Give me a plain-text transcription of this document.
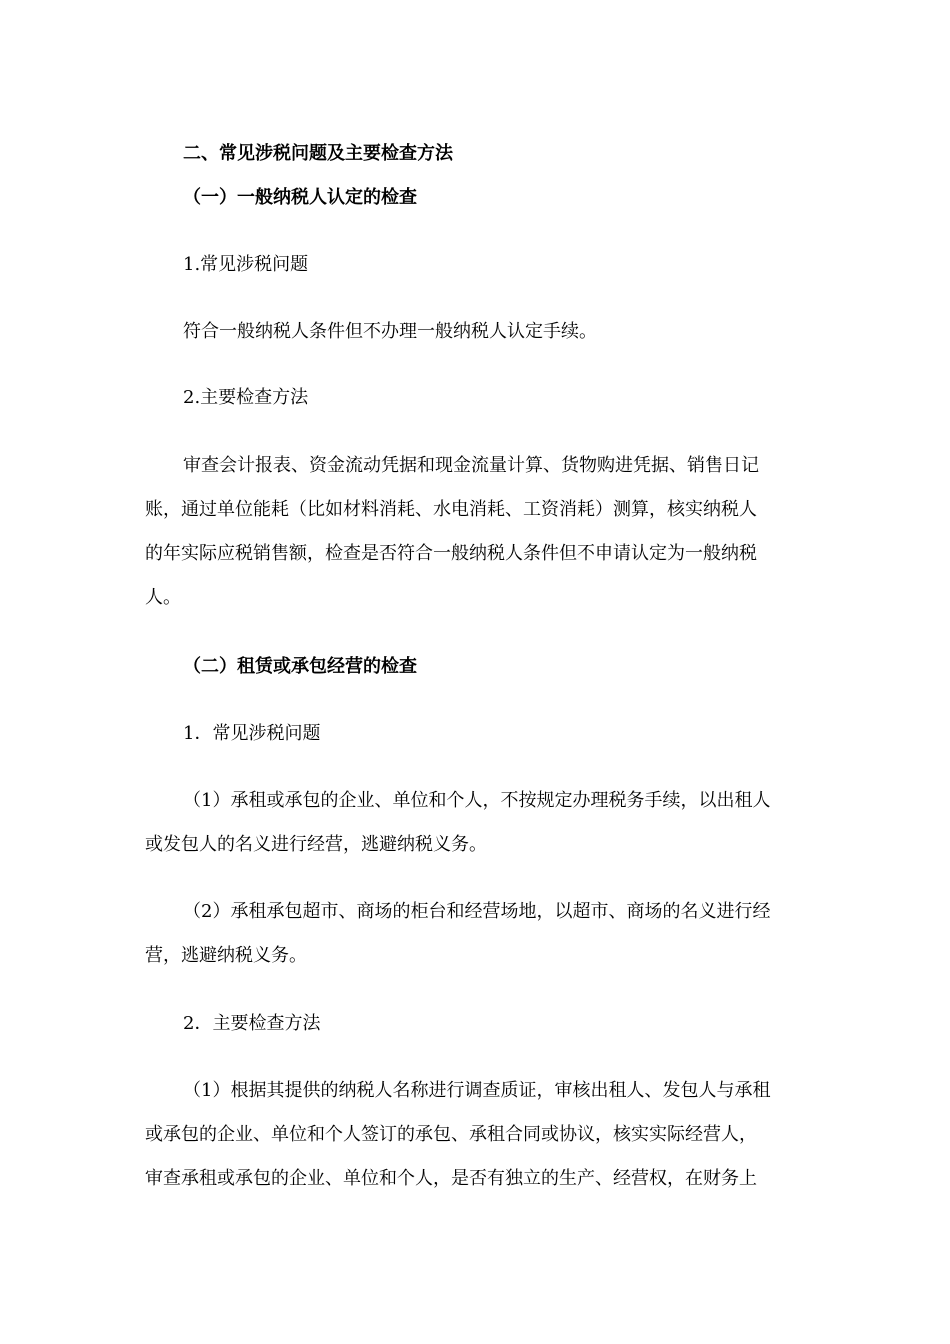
二、常见涉税问题及主要检查方法

（一）一般纳税人认定的检查

1.常见涉税问题

符合一般纳税人条件但不办理一般纳税人认定手续。

2.主要检查方法

审查会计报表、资金流动凭据和现金流量计算、货物购进凭据、销售日记
账，通过单位能耗（比如材料消耗、水电消耗、工资消耗）测算，核实纳税人
的年实际应税销售额，检查是否符合一般纳税人条件但不申请认定为一般纳税
人。

（二）租赁或承包经营的检查

1．常见涉税问题

（1）承租或承包的企业、单位和个人，不按规定办理税务手续，以出租人
或发包人的名义进行经营，逃避纳税义务。
（2）承租承包超市、商场的柜台和经营场地，以超市、商场的名义进行经
营，逃避纳税义务。

2．主要检查方法

（1）根据其提供的纳税人名称进行调查质证，审核出租人、发包人与承租
或承包的企业、单位和个人签订的承包、承租合同或协议，核实实际经营人，
审查承租或承包的企业、单位和个人，是否有独立的生产、经营权，在财务上
